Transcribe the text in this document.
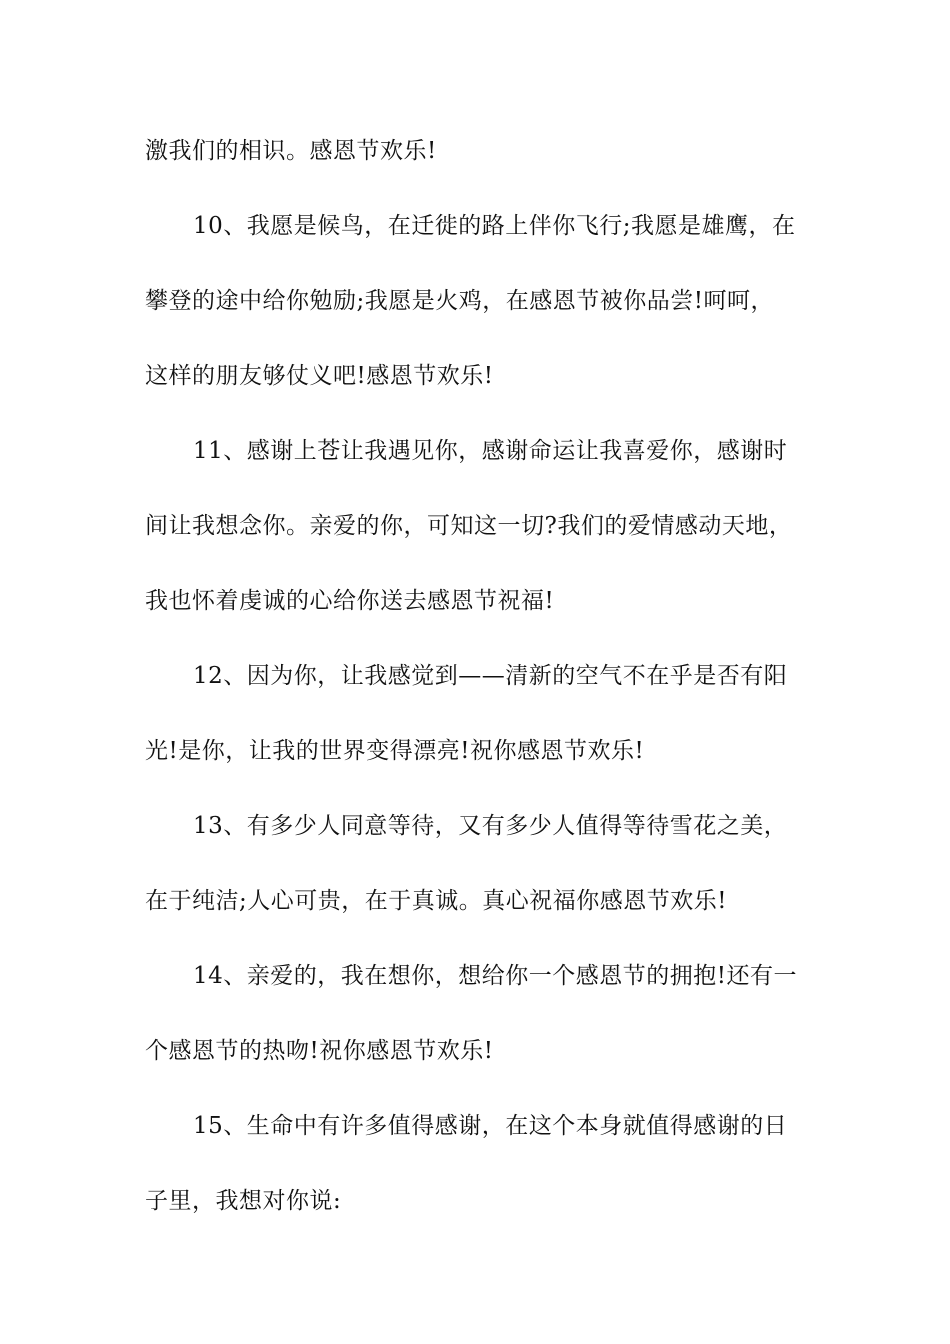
激我们的相识。感恩节欢乐!
10、我愿是候鸟，在迁徙的路上伴你飞行;我愿是雄鹰，在
攀登的途中给你勉励;我愿是火鸡，在感恩节被你品尝!呵呵，
这样的朋友够仗义吧!感恩节欢乐!
11、感谢上苍让我遇见你，感谢命运让我喜爱你，感谢时
间让我想念你。亲爱的你，可知这一切?我们的爱情感动天地，
我也怀着虔诚的心给你送去感恩节祝福!
12、因为你，让我感觉到——清新的空气不在乎是否有阳
光!是你，让我的世界变得漂亮!祝你感恩节欢乐!
13、有多少人同意等待，又有多少人值得等待雪花之美，
在于纯洁;人心可贵，在于真诚。真心祝福你感恩节欢乐!
14、亲爱的，我在想你，想给你一个感恩节的拥抱!还有一
个感恩节的热吻!祝你感恩节欢乐!
15、生命中有许多值得感谢，在这个本身就值得感谢的日
子里，我想对你说:
